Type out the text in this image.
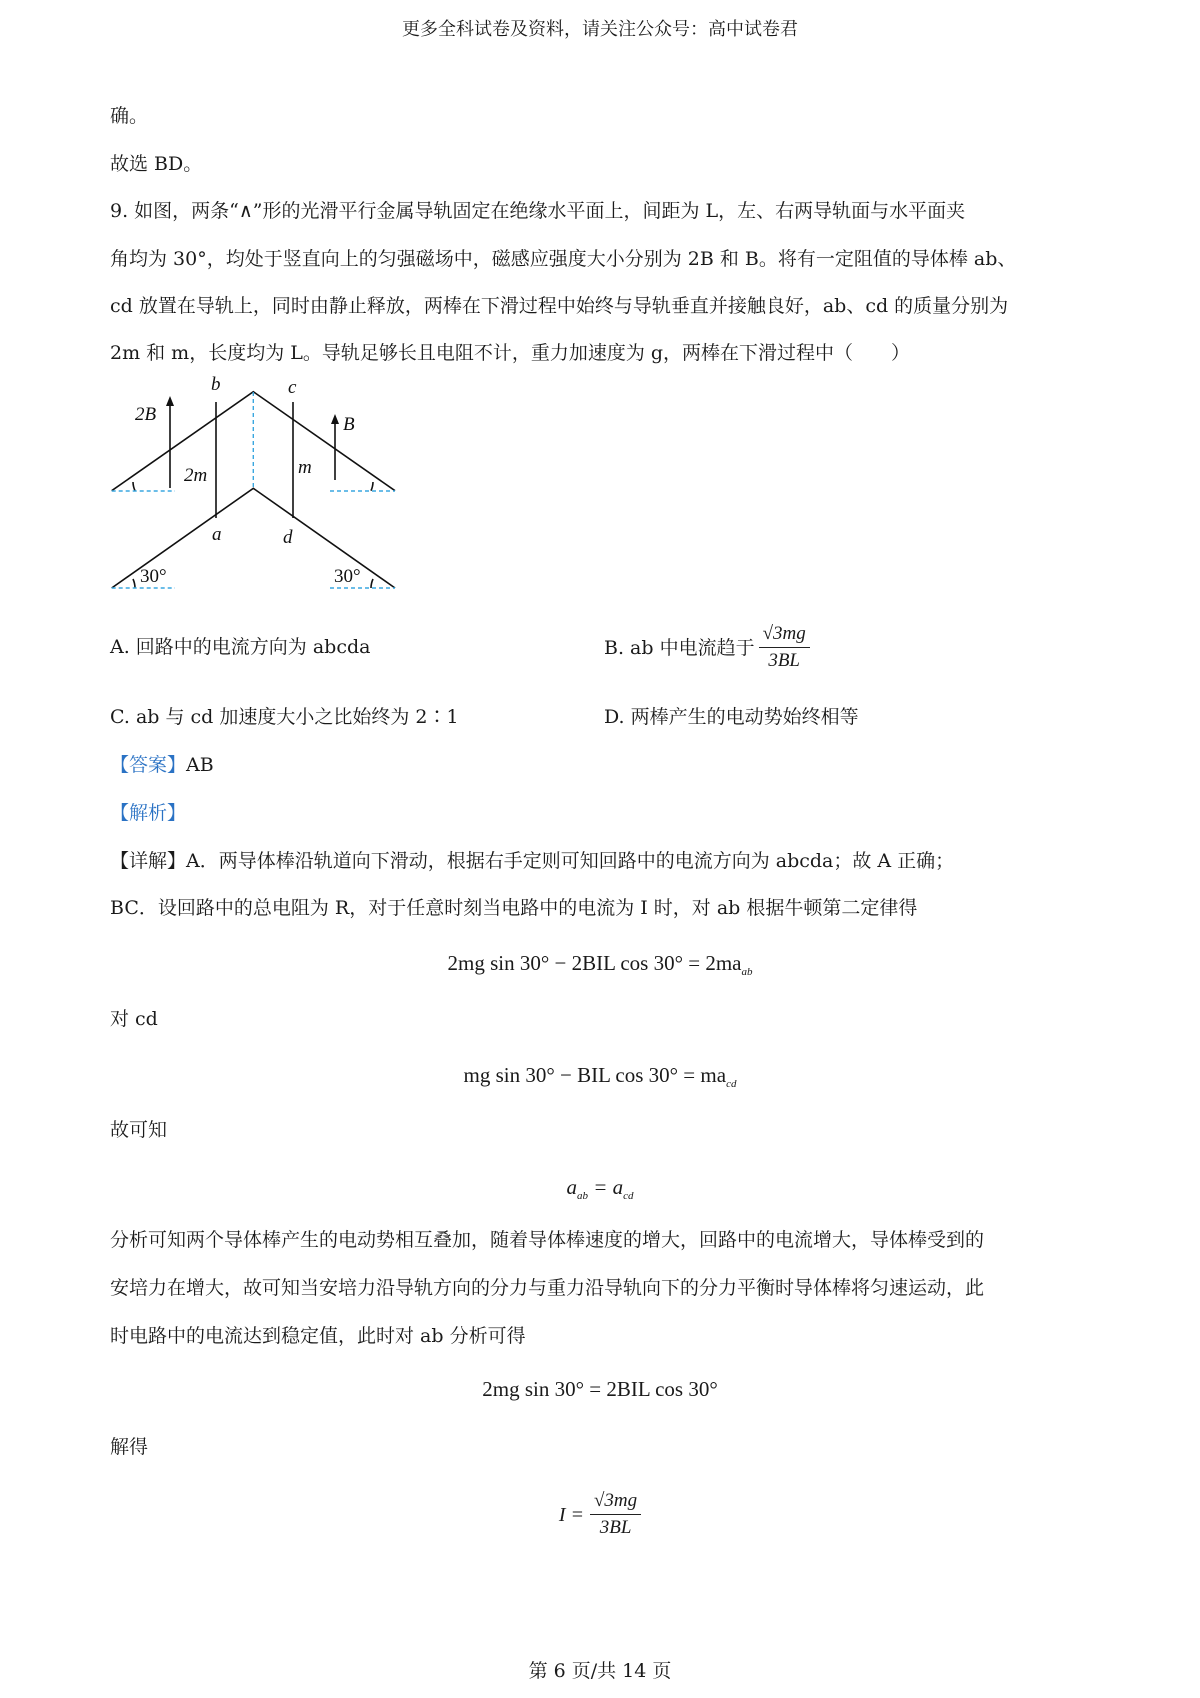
更多全科试卷及资料，请关注公众号：高中试卷君
确。
故选 BD。
9. 如图，两条“∧”形的光滑平行金属导轨固定在绝缘水平面上，间距为 L，左、右两导轨面与水平面夹
角均为 30°，均处于竖直向上的匀强磁场中，磁感应强度大小分别为 2B 和 B。将有一定阻值的导体棒 ab、
cd 放置在导轨上，同时由静止释放，两棒在下滑过程中始终与导轨垂直并接触良好，ab、cd 的质量分别为
2m 和 m，长度均为 L。导轨足够长且电阻不计，重力加速度为 g，两棒在下滑过程中（　　）
b	c
2B	B
2m	m
a	d
30°	30°
A. 回路中的电流方向为 abcda	B. ab 中电流趋于 $\frac{√3mg}{3BL}$
C. ab 与 cd 加速度大小之比始终为 2∶1	D. 两棒产生的电动势始终相等
【答案】AB
【解析】
【详解】A．两导体棒沿轨道向下滑动，根据右手定则可知回路中的电流方向为 abcda；故 A 正确；
BC．设回路中的总电阻为 R，对于任意时刻当电路中的电流为 I 时，对 ab 根据牛顿第二定律得
2mg sin 30° − 2BIL $\cos 30^\circ = 2ma_{ab}$
对 cd
mg sin 30° − BIL $\cos 30^\circ = ma_{cd}$
故可知
$a_{ab} = a_{cd}$
分析可知两个导体棒产生的电动势相互叠加，随着导体棒速度的增大，回路中的电流增大，导体棒受到的
安培力在增大，故可知当安培力沿导轨方向的分力与重力沿导轨向下的分力平衡时导体棒将匀速运动，此
时电路中的电流达到稳定值，此时对 ab 分析可得
2mg sin 30° = 2BIL cos 30°
解得
$I = \frac{√3mg}{3BL}$
第 6 页/共 14 页
